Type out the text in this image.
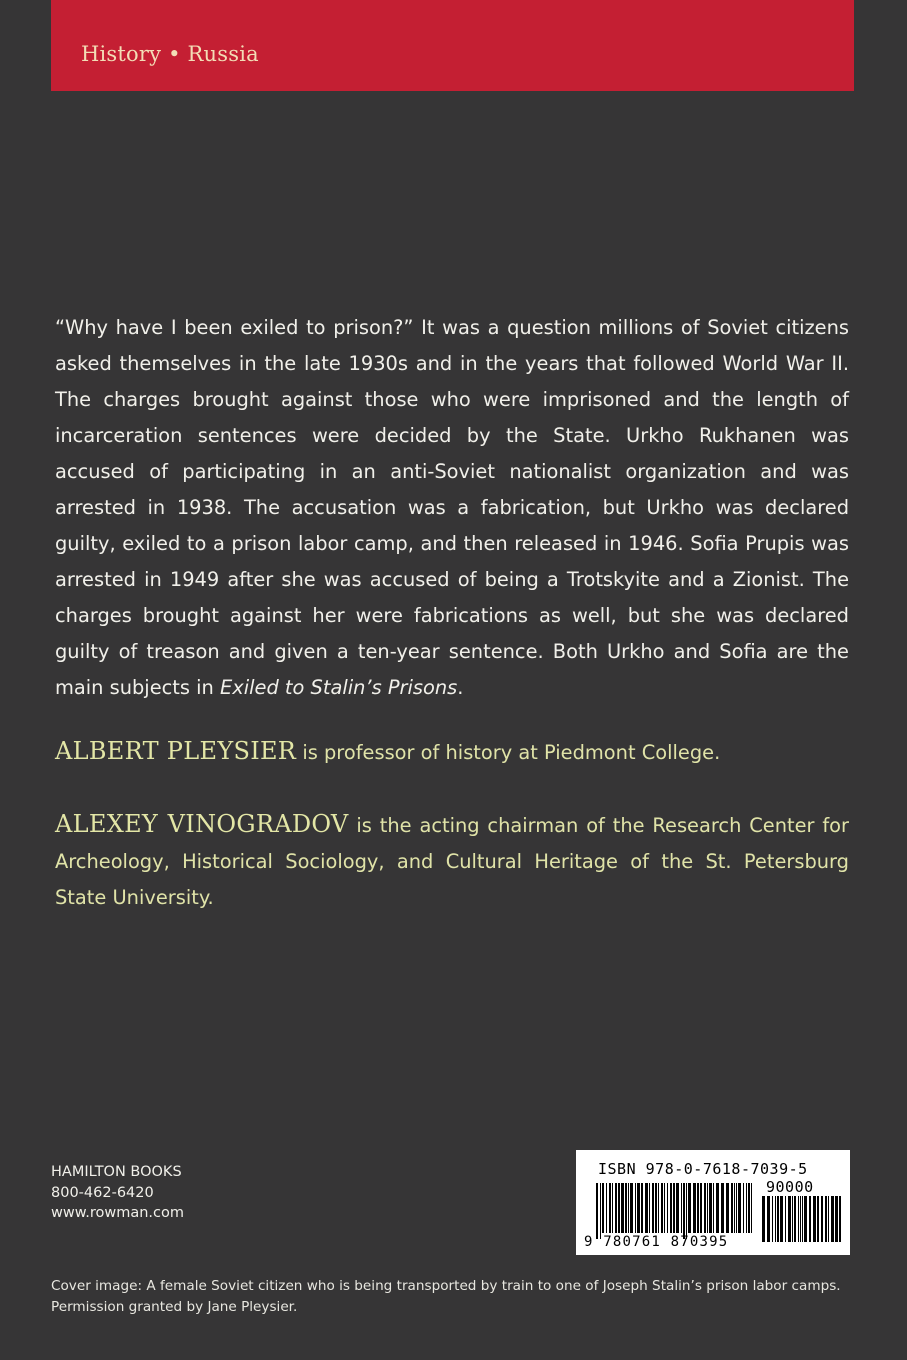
History • Russia

“Why have I been exiled to prison?” It was a question millions of Soviet citizens asked themselves in the late 1930s and in the years that followed World War II. The charges brought against those who were imprisoned and the length of incarceration sentences were decided by the State. Urkho Rukhanen was accused of participating in an anti-Soviet nationalist organization and was arrested in 1938. The accusation was a fabrication, but Urkho was declared guilty, exiled to a prison labor camp, and then released in 1946. Sofia Prupis was arrested in 1949 after she was accused of being a Trotskyite and a Zionist. The charges brought against her were fabrications as well, but she was declared guilty of treason and given a ten-year sentence. Both Urkho and Sofia are the main subjects in Exiled to Stalin’s Prisons.

ALBERT PLEYSIER is professor of history at Piedmont College.

ALEXEY VINOGRADOV is the acting chairman of the Research Center for Archeology, Historical Sociology, and Cultural Heritage of the St. Petersburg State University.

HAMILTON BOOKS
800-462-6420
www.rowman.com
ISBN 978-0-7618-7039-5
90000
9 780761 870395
Cover image: A female Soviet citizen who is being transported by train to one of Joseph Stalin’s prison labor camps.
Permission granted by Jane Pleysier.
